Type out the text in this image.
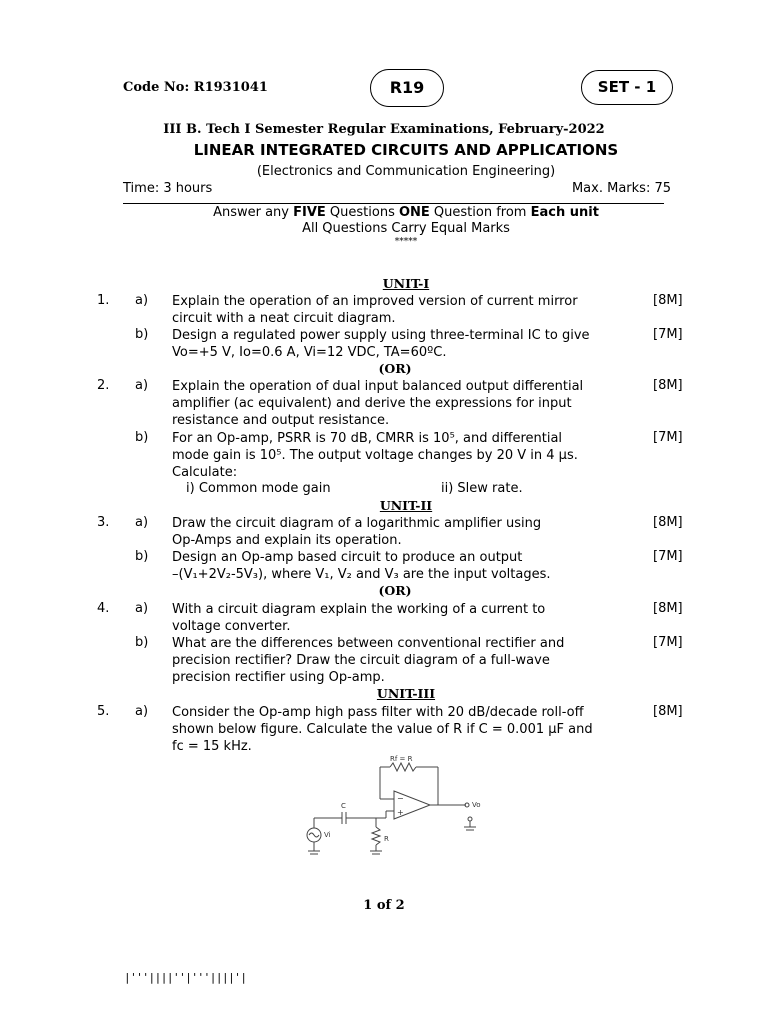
Code No: R1931041	R19	SET - 1
III B. Tech I Semester Regular Examinations, February-2022
LINEAR INTEGRATED CIRCUITS AND APPLICATIONS
(Electronics and Communication Engineering)
Time: 3 hours	Max. Marks: 75
Answer any FIVE Questions ONE Question from Each unit
All Questions Carry Equal Marks
*****
UNIT-I
1. a) Explain the operation of an improved version of current mirror
circuit with a neat circuit diagram.
[8M]
b) Design a regulated power supply using three-terminal IC to give
Vo=+5 V, Io=0.6 A, Vi=12 VDC, TA=60ºC.
[7M]
(OR)
2. a) Explain the operation of dual input balanced output differential
amplifier (ac equivalent) and derive the expressions for input
resistance and output resistance.
[8M]
b) For an Op-amp, PSRR is 70 dB, CMRR is 10⁵, and differential
mode gain is 10⁵. The output voltage changes by 20 V in 4 µs.
Calculate:
[7M]
i) Common mode gain	ii) Slew rate.
UNIT-II
3. a) Draw the circuit diagram of a logarithmic amplifier using
Op-Amps and explain its operation.
[8M]
b) Design an Op-amp based circuit to produce an output
–(V₁+2V₂-5V₃), where V₁, V₂ and V₃ are the input voltages.
[7M]
(OR)
4. a) With a circuit diagram explain the working of a current to
voltage converter.
[8M]
b) What are the differences between conventional rectifier and
precision rectifier? Draw the circuit diagram of a full-wave
precision rectifier using Op-amp.
[7M]
UNIT-III
5. a) Consider the Op-amp high pass filter with 20 dB/decade roll-off
shown below figure. Calculate the value of R if C = 0.001 µF and
fc = 15 kHz.
[8M]
Rf = R
C
R
Vi
Vo
−
+
1 of 2
|'''||||''|'''||||'|
